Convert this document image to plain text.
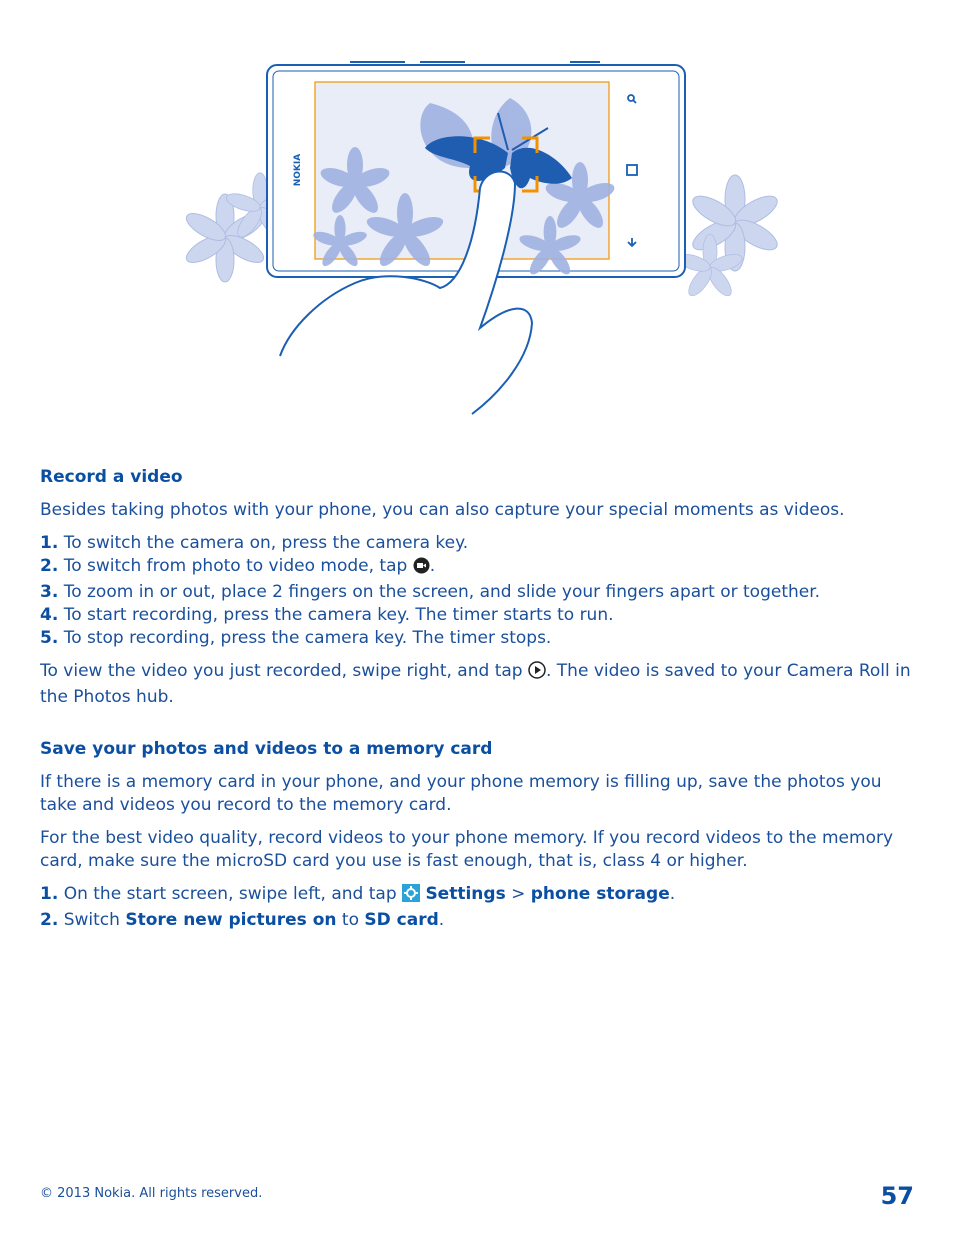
NOKIA
Record a video

Besides taking photos with your phone, you can also capture your special moments as videos.

1. To switch the camera on, press the camera key.
2. To switch from photo to video mode, tap .
3. To zoom in or out, place 2 fingers on the screen, and slide your fingers apart or together.
4. To start recording, press the camera key. The timer starts to run.
5. To stop recording, press the camera key. The timer stops.

To view the video you just recorded, swipe right, and tap . The video is saved to your Camera Roll in the Photos hub.

Save your photos and videos to a memory card

If there is a memory card in your phone, and your phone memory is filling up, save the photos you take and videos you record to the memory card.

For the best video quality, record videos to your phone memory. If you record videos to the memory card, make sure the microSD card you use is fast enough, that is, class 4 or higher.

1. On the start screen, swipe left, and tap Settings > phone storage.
2. Switch Store new pictures on to SD card.
© 2013 Nokia. All rights reserved.	57
